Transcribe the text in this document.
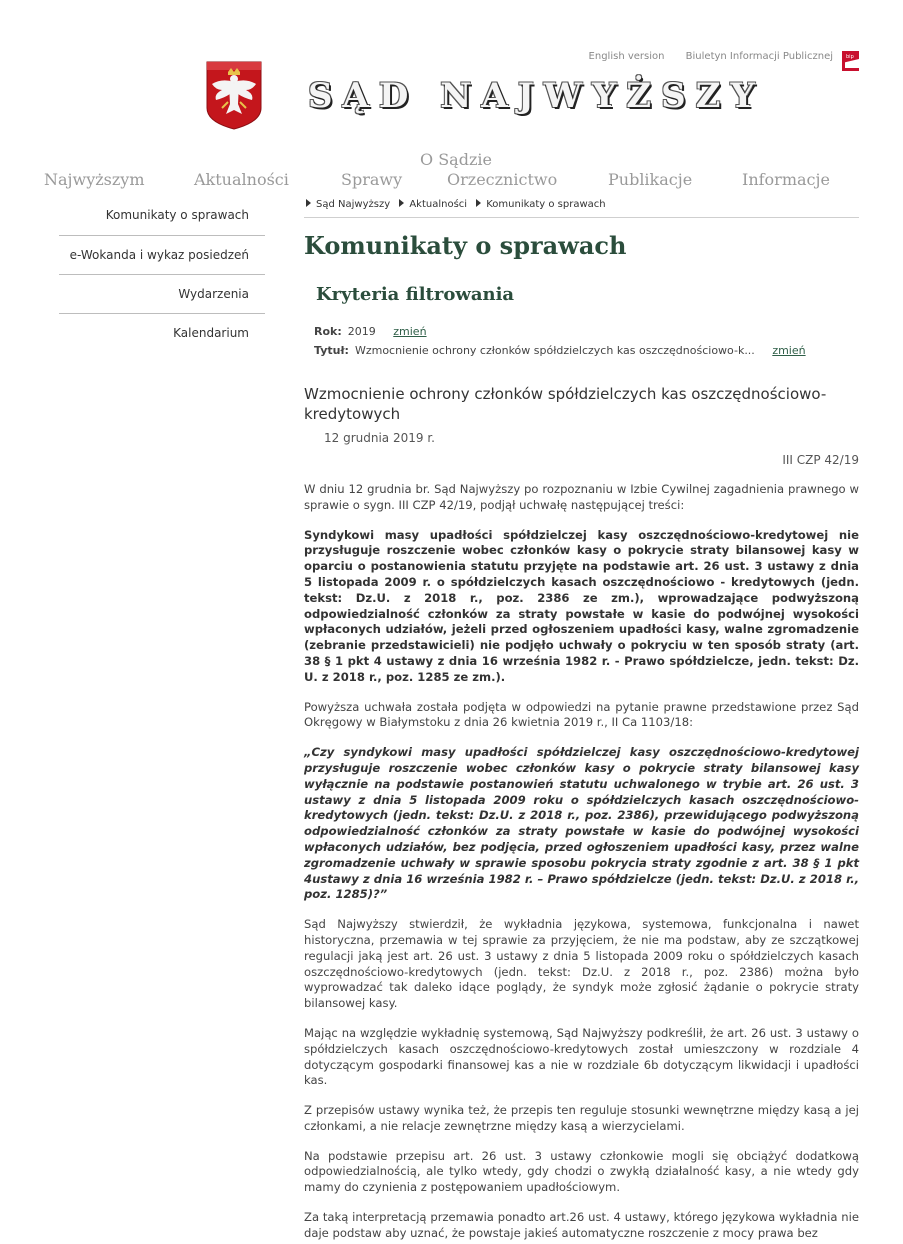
English version Biuletyn Informacji Publicznej	bip
SĄD NAJWYŻSZY

Najwyższym
	Aktualności
	Sprawy
O Sądzie
Orzecznictwo
	Publikacje
	Informacje
Komunikaty o sprawach
e-Wokanda i wykaz posiedzeń
Wydarzenia
Kalendarium
Sąd Najwyższy Aktualności Komunikaty o sprawach
Komunikaty o sprawach
Kryteria filtrowania
Rok: 2019 zmień
Tytuł: Wzmocnienie ochrony członków spółdzielczych kas oszczędnościowo-k... zmień
Wzmocnienie ochrony członków spółdzielczych kas oszczędnościowo-kredytowych
12 grudnia 2019 r.
III CZP 42/19

W dniu 12 grudnia br. Sąd Najwyższy po rozpoznaniu w Izbie Cywilnej zagadnienia prawnego w sprawie o sygn. III CZP 42/19, podjął uchwałę następującej treści:

Syndykowi masy upadłości spółdzielczej kasy oszczędnościowo-kredytowej nie przysługuje roszczenie wobec członków kasy o pokrycie straty bilansowej kasy w oparciu o postanowienia statutu przyjęte na podstawie art. 26 ust. 3 ustawy z dnia 5 listopada 2009 r. o spółdzielczych kasach oszczędnościowo - kredytowych (jedn. tekst: Dz.U. z 2018 r., poz. 2386 ze zm.), wprowadzające podwyższoną odpowiedzialność członków za straty powstałe w kasie do podwójnej wysokości wpłaconych udziałów, jeżeli przed ogłoszeniem upadłości kasy, walne zgromadzenie (zebranie przedstawicieli) nie podjęło uchwały o pokryciu w ten sposób straty (art. 38 § 1 pkt 4 ustawy z dnia 16 września 1982 r. - Prawo spółdzielcze, jedn. tekst: Dz. U. z 2018 r., poz. 1285 ze zm.).

Powyższa uchwała została podjęta w odpowiedzi na pytanie prawne przedstawione przez Sąd Okręgowy w Białymstoku z dnia 26 kwietnia 2019 r., II Ca 1103/18:

„Czy syndykowi masy upadłości spółdzielczej kasy oszczędnościowo-kredytowej przysługuje roszczenie wobec członków kasy o pokrycie straty bilansowej kasy wyłącznie na podstawie postanowień statutu uchwalonego w trybie art. 26 ust. 3 ustawy z dnia 5 listopada 2009 roku o spółdzielczych kasach oszczędnościowo-kredytowych (jedn. tekst: Dz.U. z 2018 r., poz. 2386), przewidującego podwyższoną odpowiedzialność członków za straty powstałe w kasie do podwójnej wysokości wpłaconych udziałów, bez podjęcia, przed ogłoszeniem upadłości kasy, przez walne zgromadzenie uchwały w sprawie sposobu pokrycia straty zgodnie z art. 38 § 1 pkt 4ustawy z dnia 16 września 1982 r. – Prawo spółdzielcze (jedn. tekst: Dz.U. z 2018 r., poz. 1285)?”

Sąd Najwyższy stwierdził, że wykładnia językowa, systemowa, funkcjonalna i nawet historyczna, przemawia w tej sprawie za przyjęciem, że nie ma podstaw, aby ze szczątkowej regulacji jaką jest art. 26 ust. 3 ustawy z dnia 5 listopada 2009 roku o spółdzielczych kasach oszczędnościowo-kredytowych (jedn. tekst: Dz.U. z 2018 r., poz. 2386) można było wyprowadzać tak daleko idące poglądy, że syndyk może zgłosić żądanie o pokrycie straty bilansowej kasy.

Mając na względzie wykładnię systemową, Sąd Najwyższy podkreślił, że art. 26 ust. 3 ustawy o spółdzielczych kasach oszczędnościowo-kredytowych został umieszczony w rozdziale 4 dotyczącym gospodarki finansowej kas a nie w rozdziale 6b dotyczącym likwidacji i upadłości kas.

Z przepisów ustawy wynika też, że przepis ten reguluje stosunki wewnętrzne między kasą a jej członkami, a nie relacje zewnętrzne między kasą a wierzycielami.

Na podstawie przepisu art. 26 ust. 3 ustawy członkowie mogli się obciążyć dodatkową odpowiedzialnością, ale tylko wtedy, gdy chodzi o zwykłą działalność kasy, a nie wtedy gdy mamy do czynienia z postępowaniem upadłościowym.

Za taką interpretacją przemawia ponadto art.26 ust. 4 ustawy, którego językowa wykładnia nie daje podstaw aby uznać, że powstaje jakieś automatyczne roszczenie z mocy prawa bez
